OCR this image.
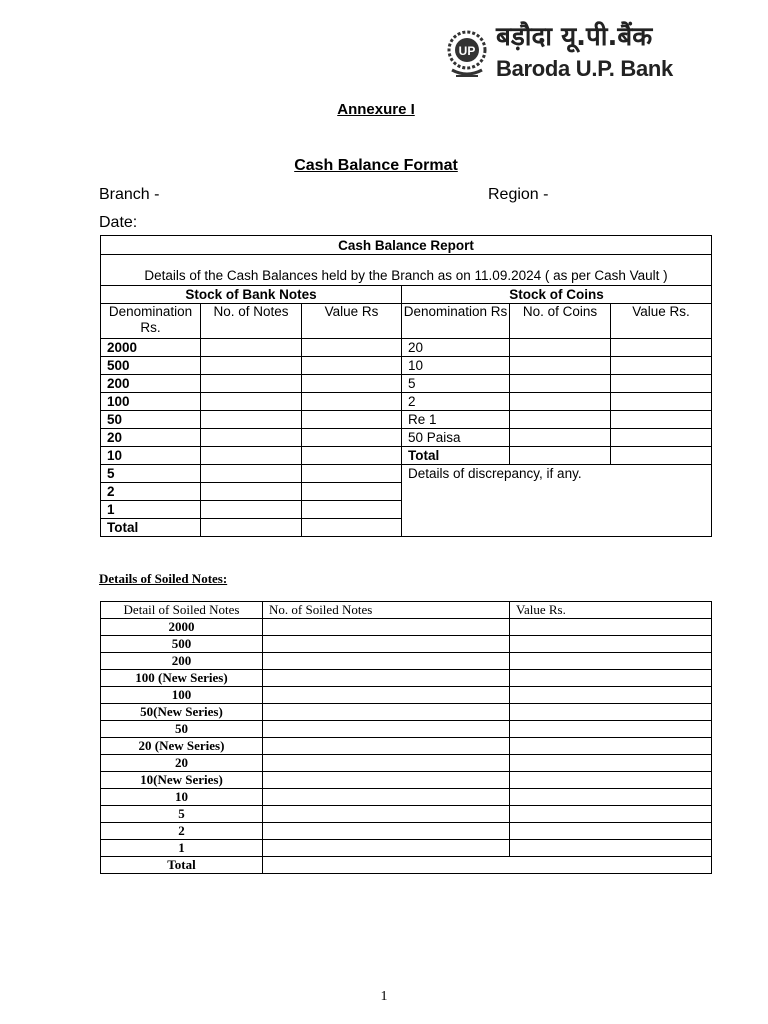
UP बड़ौदा यू.पी.बैंक
Baroda U.P. Bank
Annexure I
Cash Balance Format
Branch -	Region -
Date:
Cash Balance Report					
Details of the Cash Balances held by the Branch as on 11.09.2024 ( as per Cash Vault )					
Stock of Bank Notes			Stock of Coins		
Denomination Rs.	No. of Notes	Value Rs	Denomination Rs	No. of Coins	Value Rs.
2000			20		
500			10		
200			5		
100			2		
50			Re 1		
20			50 Paisa		
10			Total		
5			Details of discrepancy, if any.		
2					
1					
Total					
Details of Soiled Notes:
Detail of Soiled Notes	No. of Soiled Notes	Value Rs.
2000		
500		
200		
100 (New Series)		
100		
50(New Series)		
50		
20 (New Series)		
20		
10(New Series)		
10		
5		
2		
1		
Total		
1
